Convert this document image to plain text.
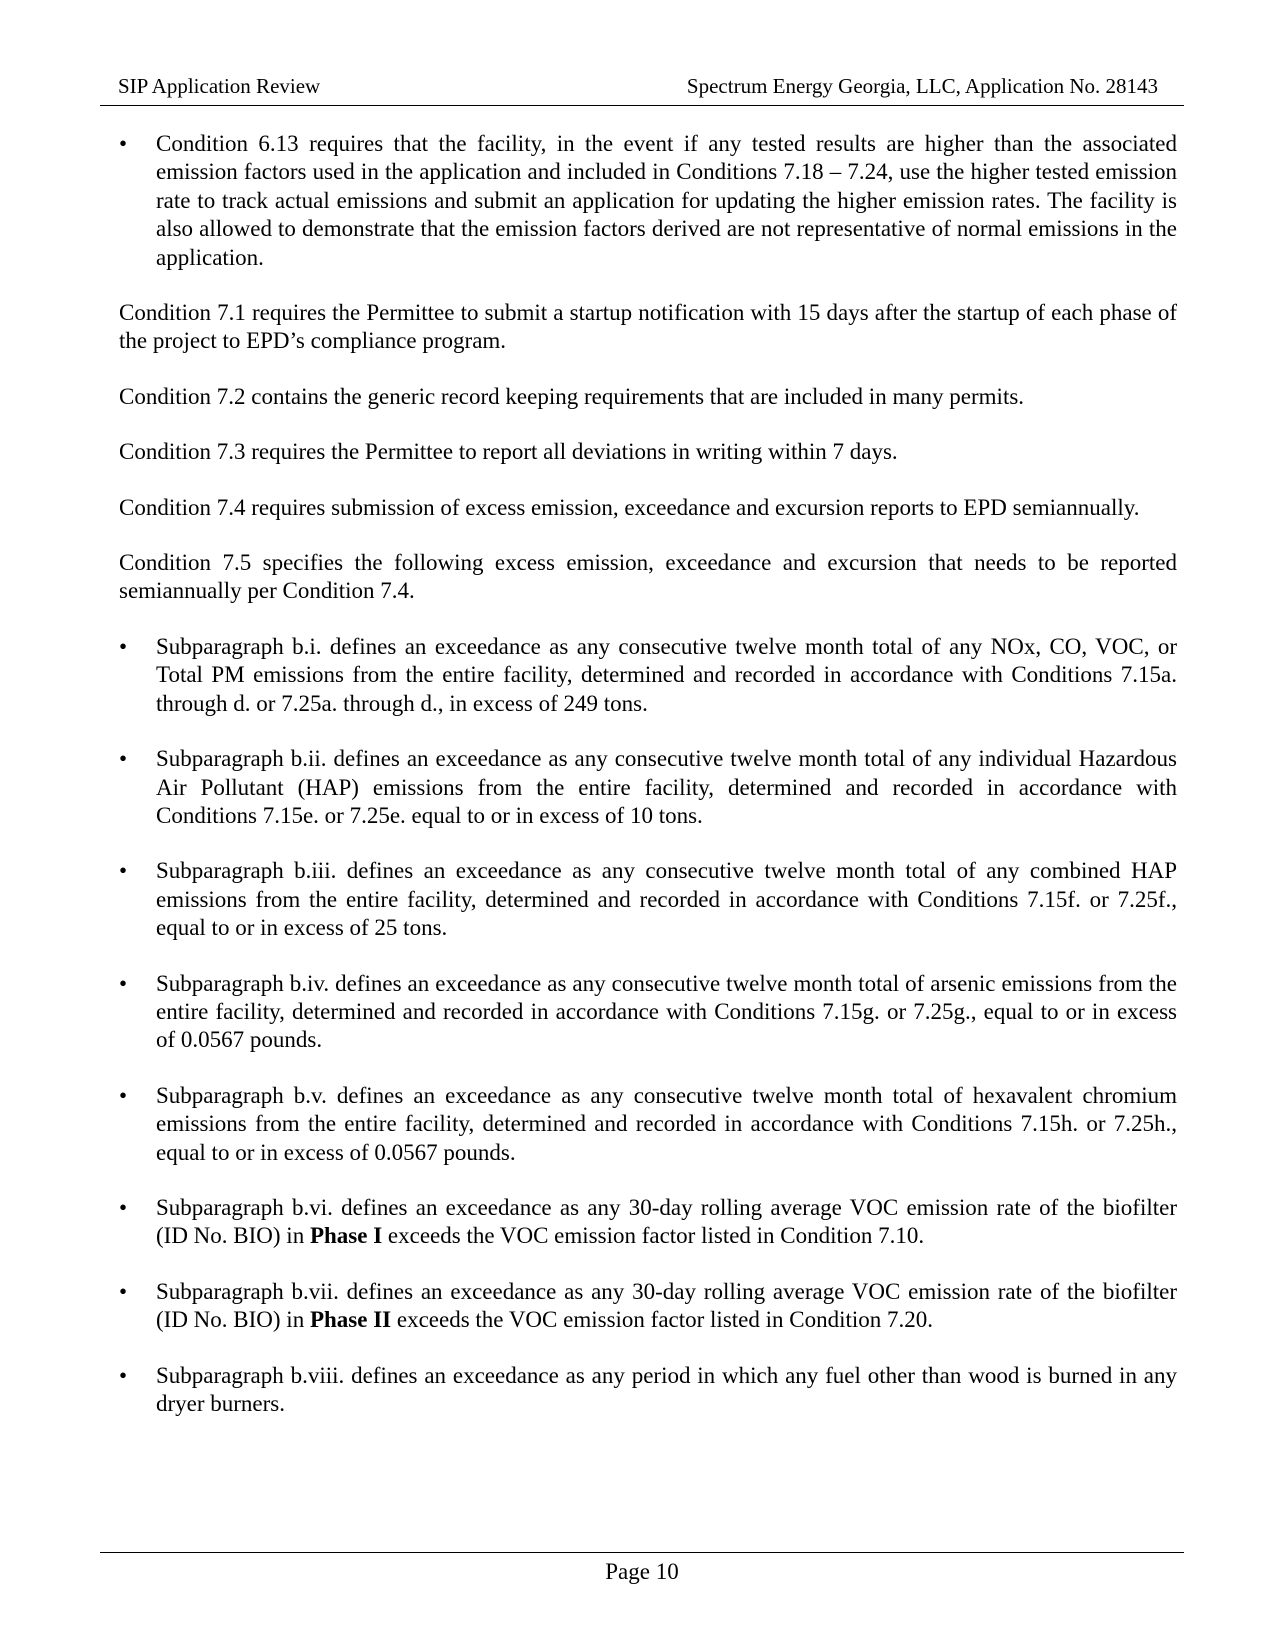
SIP Application Review	Spectrum Energy Georgia, LLC, Application No. 28143
• Condition 6.13 requires that the facility, in the event if any tested results are higher than the associated emission factors used in the application and included in Conditions 7.18 – 7.24, use the higher tested emission rate to track actual emissions and submit an application for updating the higher emission rates. The facility is also allowed to demonstrate that the emission factors derived are not representative of normal emissions in the application.

Condition 7.1 requires the Permittee to submit a startup notification with 15 days after the startup of each phase of the project to EPD’s compliance program.

Condition 7.2 contains the generic record keeping requirements that are included in many permits.

Condition 7.3 requires the Permittee to report all deviations in writing within 7 days.

Condition 7.4 requires submission of excess emission, exceedance and excursion reports to EPD semiannually.

Condition 7.5 specifies the following excess emission, exceedance and excursion that needs to be reported semiannually per Condition 7.4.

• Subparagraph b.i. defines an exceedance as any consecutive twelve month total of any NOx, CO, VOC, or Total PM emissions from the entire facility, determined and recorded in accordance with Conditions 7.15a. through d. or 7.25a. through d., in excess of 249 tons.
• Subparagraph b.ii. defines an exceedance as any consecutive twelve month total of any individual Hazardous Air Pollutant (HAP) emissions from the entire facility, determined and recorded in accordance with Conditions 7.15e. or 7.25e. equal to or in excess of 10 tons.
• Subparagraph b.iii. defines an exceedance as any consecutive twelve month total of any combined HAP emissions from the entire facility, determined and recorded in accordance with Conditions 7.15f. or 7.25f., equal to or in excess of 25 tons.
• Subparagraph b.iv. defines an exceedance as any consecutive twelve month total of arsenic emissions from the entire facility, determined and recorded in accordance with Conditions 7.15g. or 7.25g., equal to or in excess of 0.0567 pounds.
• Subparagraph b.v. defines an exceedance as any consecutive twelve month total of hexavalent chromium emissions from the entire facility, determined and recorded in accordance with Conditions 7.15h. or 7.25h., equal to or in excess of 0.0567 pounds.
• Subparagraph b.vi. defines an exceedance as any 30-day rolling average VOC emission rate of the biofilter (ID No. BIO) in Phase I exceeds the VOC emission factor listed in Condition 7.10.
• Subparagraph b.vii. defines an exceedance as any 30-day rolling average VOC emission rate of the biofilter (ID No. BIO) in Phase II exceeds the VOC emission factor listed in Condition 7.20.
• Subparagraph b.viii. defines an exceedance as any period in which any fuel other than wood is burned in any dryer burners.
Page 10
